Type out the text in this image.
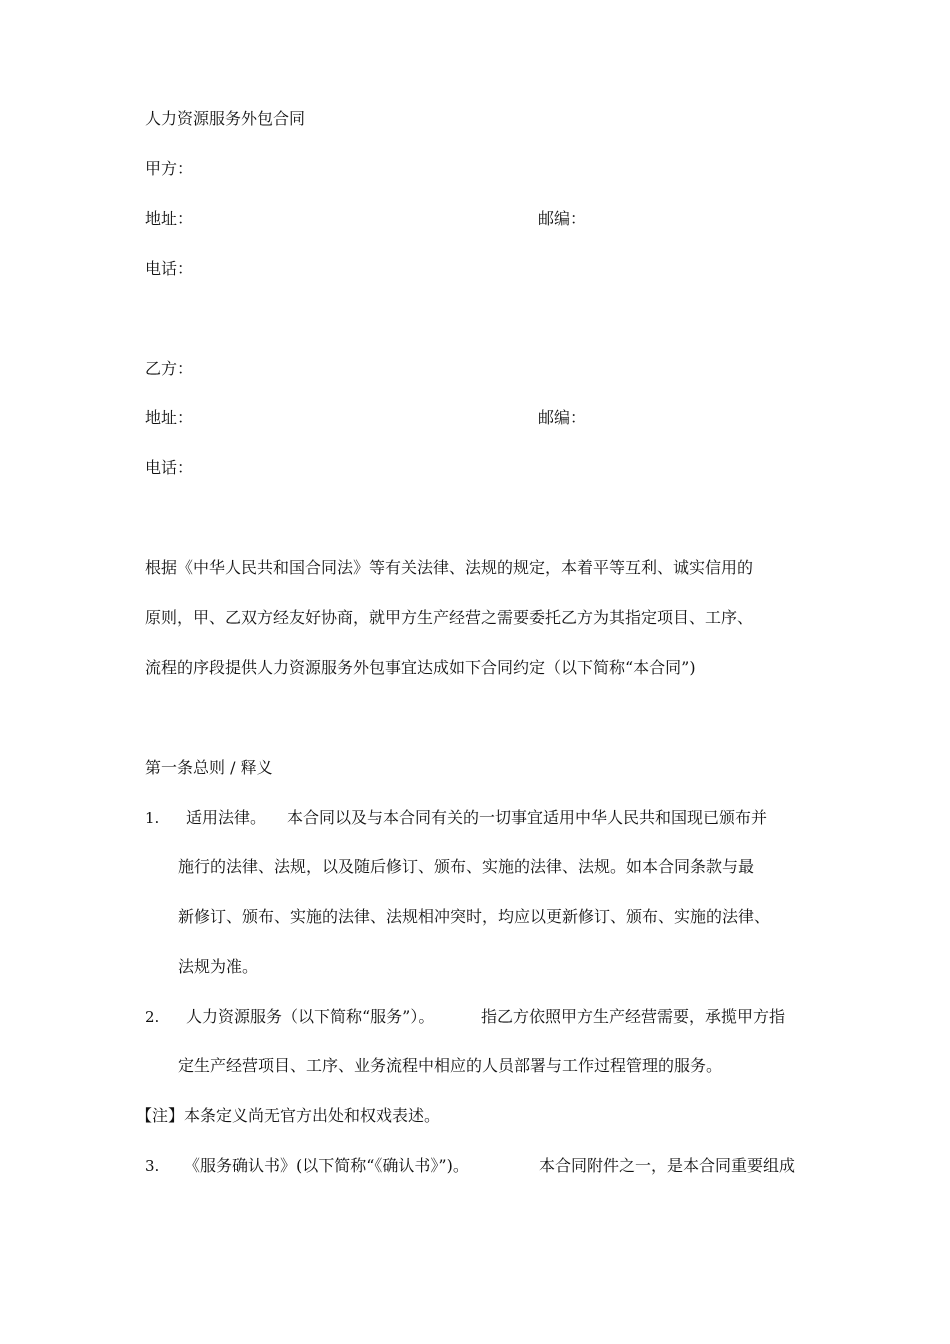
人力资源服务外包合同
甲方：
地址：	邮编：
电话：
乙方：
地址：	邮编：
电话：
根据《中华人民共和国合同法》等有关法律、法规的规定，本着平等互利、诚实信用的
原则，甲、乙双方经友好协商，就甲方生产经营之需要委托乙方为其指定项目、工序、
流程的序段提供人力资源服务外包事宜达成如下合同约定（以下简称“本合同”)
第一条总则 / 释义
1. 适用法律。 本合同以及与本合同有关的一切事宜适用中华人民共和国现已颁布并
施行的法律、法规，以及随后修订、颁布、实施的法律、法规。如本合同条款与最
新修订、颁布、实施的法律、法规相冲突时，均应以更新修订、颁布、实施的法律、
法规为准。
2. 人力资源服务（以下简称“服务”）。	指乙方依照甲方生产经营需要，承揽甲方指
定生产经营项目、工序、业务流程中相应的人员部署与工作过程管理的服务。
【注】本条定义尚无官方出处和权戏表述。
3. 《服务确认书》(以下简称“《确认书》”)。	本合同附件之一，是本合同重要组成
